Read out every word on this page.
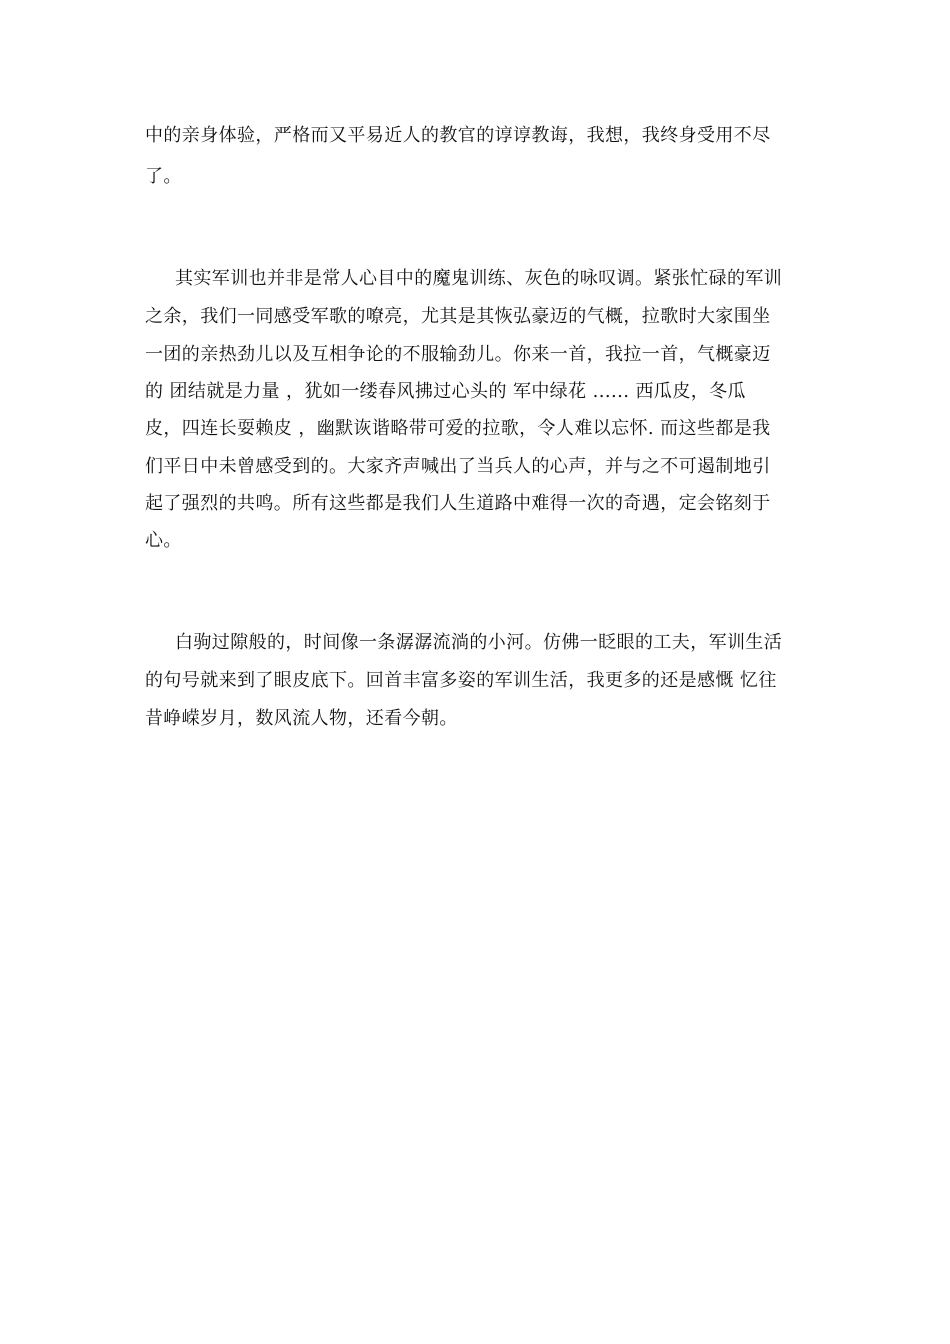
中的亲身体验，严格而又平易近人的教官的谆谆教诲，我想，我终身受用不尽
了。
其实军训也并非是常人心目中的魔鬼训练、灰色的咏叹调。紧张忙碌的军训
之余，我们一同感受军歌的嘹亮，尤其是其恢弘豪迈的气概，拉歌时大家围坐
一团的亲热劲儿以及互相争论的不服输劲儿。你来一首，我拉一首，气概豪迈
的 团结就是力量 ，犹如一缕春风拂过心头的 军中绿花 ...... 西瓜皮，冬瓜
皮，四连长耍赖皮 ，幽默诙谐略带可爱的拉歌，令人难以忘怀. 而这些都是我
们平日中未曾感受到的。大家齐声喊出了当兵人的心声，并与之不可遏制地引
起了强烈的共鸣。所有这些都是我们人生道路中难得一次的奇遇，定会铭刻于
心。
白驹过隙般的，时间像一条潺潺流淌的小河。仿佛一眨眼的工夫，军训生活
的句号就来到了眼皮底下。回首丰富多姿的军训生活，我更多的还是感慨 忆往
昔峥嵘岁月，数风流人物，还看今朝。
